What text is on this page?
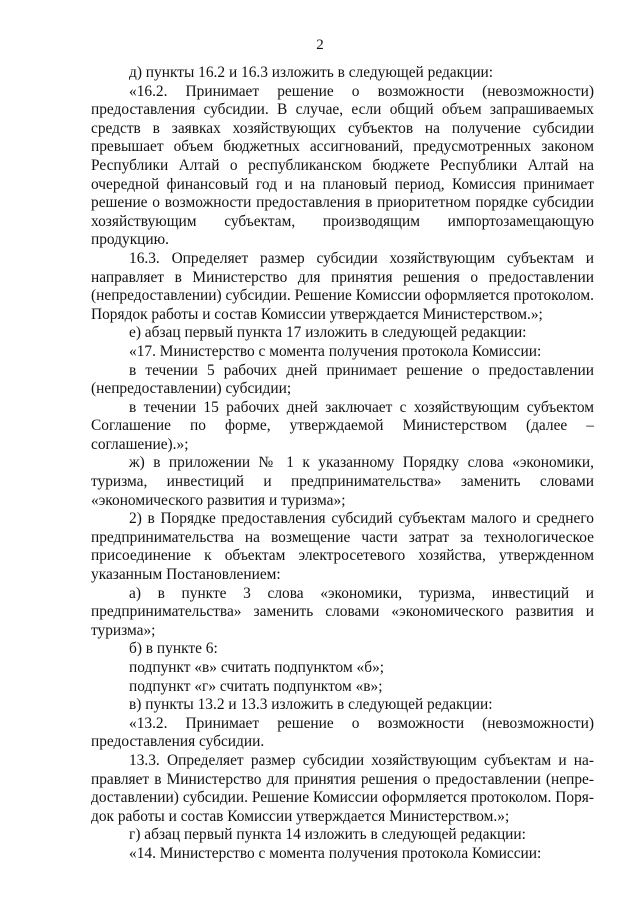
2

д) пункты 16.2 и 16.3 изложить в следующей редакции:

«16.2. Принимает решение о возможности (невозможности) предоставления субсидии. В случае, если общий объем запрашиваемых средств в заявках хозяйствующих субъектов на получение субсидии превышает объем бюджетных ассигнований, предусмотренных законом Республики Алтай о республиканском бюджете Республики Алтай на очередной финансовый год и на плановый период, Комиссия принимает решение о возможности предоставления в приоритетном порядке субсидии хозяйствующим субъектам, производящим импортозамещающую продукцию.

16.3. Определяет размер субсидии хозяйствующим субъектам и направляет в Министерство для принятия решения о предоставлении (непредоставлении) субсидии. Решение Комиссии оформляется протоколом. Порядок работы и состав Комиссии утверждается Министерством.»;

е) абзац первый пункта 17 изложить в следующей редакции:

«17. Министерство с момента получения протокола Комиссии:

в течении 5 рабочих дней принимает решение о предоставлении (непредоставлении) субсидии;

в течении 15 рабочих дней заключает с хозяйствующим субъектом Соглашение по форме, утверждаемой Министерством (далее – соглашение).»;

ж) в приложении № 1 к указанному Порядку слова «экономики, туризма, инвестиций и предпринимательства» заменить словами «экономического развития и туризма»;

2) в Порядке предоставления субсидий субъектам малого и среднего предпринимательства на возмещение части затрат за технологическое присоединение к объектам электросетевого хозяйства, утвержденном указанным Постановлением:

а) в пункте 3 слова «экономики, туризма, инвестиций и предпринимательства» заменить словами «экономического развития и туризма»;

б) в пункте 6:

подпункт «в» считать подпунктом «б»;

подпункт «г» считать подпунктом «в»;

в) пункты 13.2 и 13.3 изложить в следующей редакции:

«13.2. Принимает решение о возможности (невозможности) предоставления субсидии.

13.3. Определяет размер субсидии хозяйствующим субъектам и на-правляет в Министерство для принятия решения о предоставлении (непре-доставлении) субсидии. Решение Комиссии оформляется протоколом. Поря-док работы и состав Комиссии утверждается Министерством.»;

г) абзац первый пункта 14 изложить в следующей редакции:

«14. Министерство с момента получения протокола Комиссии:
